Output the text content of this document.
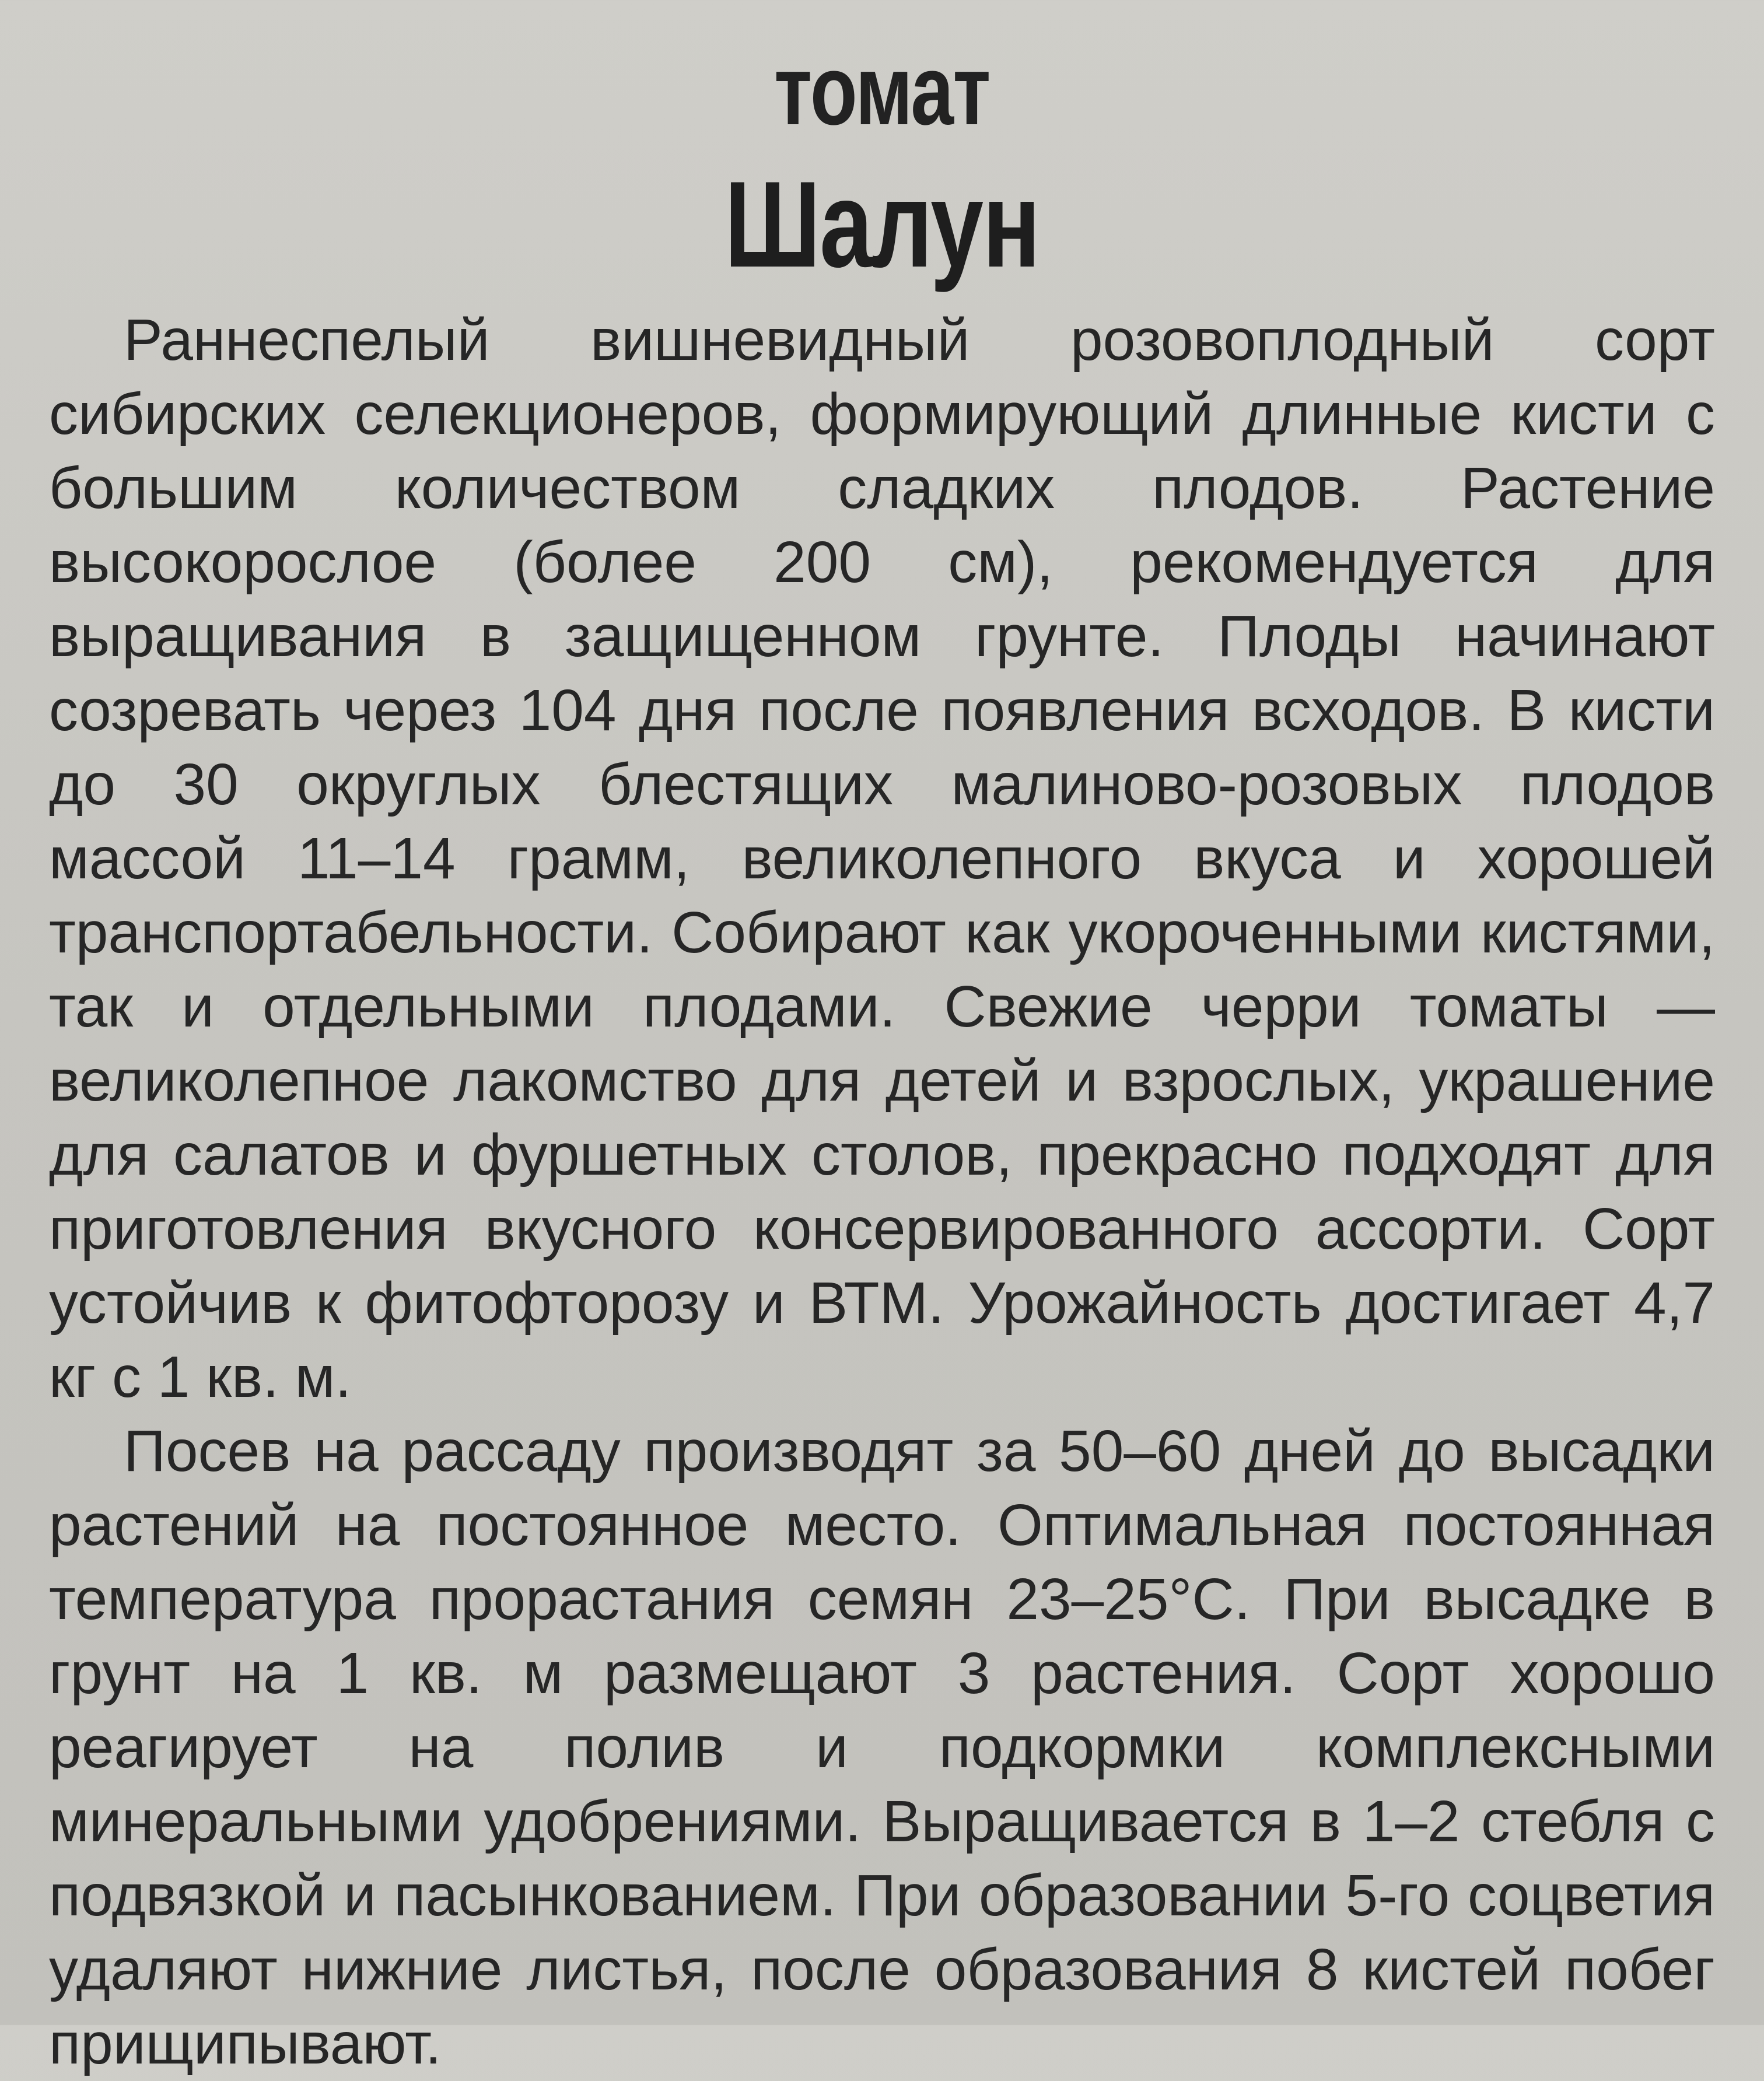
томат
Шалун

Раннеспелый вишневидный розовоплодный сорт сибирских селекционеров, формирующий длинные кисти с большим количеством сладких плодов. Растение высокорослое (более 200 см), рекомендуется для выращивания в защищенном грунте. Плоды начинают созревать через 104 дня после появления всходов. В кисти до 30 округлых блестящих малиново-розовых плодов массой 11–14 грамм, великолепного вкуса и хорошей транспортабельности. Собирают как укороченными кистями, так и отдельными плодами. Свежие черри томаты — великолепное лакомство для детей и взрослых, украшение для салатов и фуршетных столов, прекрасно подходят для приготовления вкусного консервированного ассорти. Сорт устойчив к фитофторозу и ВТМ. Урожайность достигает 4,7 кг с 1 кв. м.

Посев на рассаду производят за 50–60 дней до высадки растений на постоянное место. Оптимальная постоянная температура прорастания семян 23–25°С. При высадке в грунт на 1 кв. м размещают 3 растения. Сорт хорошо реагирует на полив и подкормки комплексными минеральными удобрениями. Выращивается в 1–2 стебля с подвязкой и пасынкованием. При образовании 5-го соцветия удаляют нижние листья, после образования 8 кистей побег прищипывают.
